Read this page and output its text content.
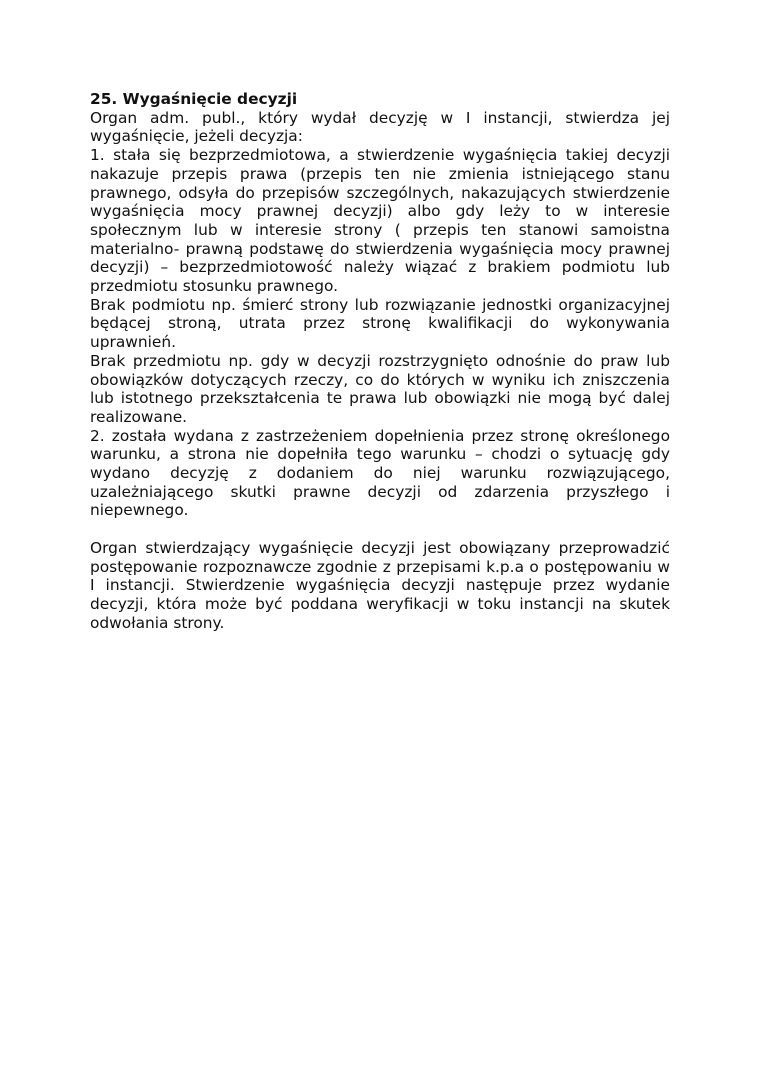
25. Wygaśnięcie decyzji

Organ adm. publ., który wydał decyzję w I instancji, stwierdza jej wygaśnięcie, jeżeli decyzja:

1. stała się bezprzedmiotowa, a stwierdzenie wygaśnięcia takiej decyzji nakazuje przepis prawa (przepis ten nie zmienia istniejącego stanu prawnego, odsyła do przepisów szczególnych, nakazujących stwierdzenie wygaśnięcia mocy prawnej decyzji) albo gdy leży to w interesie społecznym lub w interesie strony ( przepis ten stanowi samoistna materialno- prawną podstawę do stwierdzenia wygaśnięcia mocy prawnej decyzji) – bezprzedmiotowość należy wiązać z brakiem podmiotu lub przedmiotu stosunku prawnego.

Brak podmiotu np. śmierć strony lub rozwiązanie jednostki organizacyjnej będącej stroną, utrata przez stronę kwalifikacji do wykonywania uprawnień.

Brak przedmiotu np. gdy w decyzji rozstrzygnięto odnośnie do praw lub obowiązków dotyczących rzeczy, co do których w wyniku ich zniszczenia lub istotnego przekształcenia te prawa lub obowiązki nie mogą być dalej realizowane.

2. została wydana z zastrzeżeniem dopełnienia przez stronę określonego warunku, a strona nie dopełniła tego warunku – chodzi o sytuację gdy wydano decyzję z dodaniem do niej warunku rozwiązującego, uzależniającego skutki prawne decyzji od zdarzenia przyszłego i niepewnego.

Organ stwierdzający wygaśnięcie decyzji jest obowiązany przeprowadzić postępowanie rozpoznawcze zgodnie z przepisami k.p.a o postępowaniu w I instancji. Stwierdzenie wygaśnięcia decyzji następuje przez wydanie decyzji, która może być poddana weryfikacji w toku instancji na skutek odwołania strony.
